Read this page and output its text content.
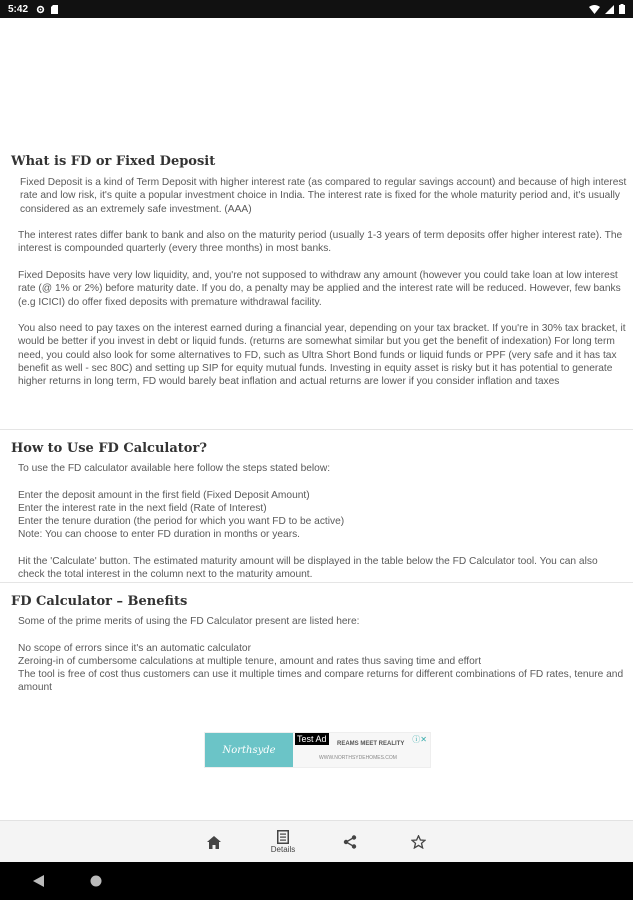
5:42
What is FD or Fixed Deposit

Fixed Deposit is a kind of Term Deposit with higher interest rate (as compared to regular savings account) and because of high interest rate and low risk, it's quite a popular investment choice in India. The interest rate is fixed for the whole maturity period and, it's usually considered as an extremely safe investment. (AAA)

The interest rates differ bank to bank and also on the maturity period (usually 1-3 years of term deposits offer higher interest rate). The interest is compounded quarterly (every three months) in most banks.

Fixed Deposits have very low liquidity, and, you're not supposed to withdraw any amount (however you could take loan at low interest rate (@ 1% or 2%) before maturity date. If you do, a penalty may be applied and the interest rate will be reduced. However, few banks (e.g ICICI) do offer fixed deposits with premature withdrawal facility.

You also need to pay taxes on the interest earned during a financial year, depending on your tax bracket. If you're in 30% tax bracket, it would be better if you invest in debt or liquid funds. (returns are somewhat similar but you get the benefit of indexation) For long term need, you could also look for some alternatives to FD, such as Ultra Short Bond funds or liquid funds or PPF (very safe and it has tax benefit as well - sec 80C) and setting up SIP for equity mutual funds. Investing in equity asset is risky but it has potential to generate higher returns in long term, FD would barely beat inflation and actual returns are lower if you consider inflation and taxes

How to Use FD Calculator?

To use the FD calculator available here follow the steps stated below:

Enter the deposit amount in the first field (Fixed Deposit Amount)

Enter the interest rate in the next field (Rate of Interest)

Enter the tenure duration (the period for which you want FD to be active)

Note: You can choose to enter FD duration in months or years.

Hit the 'Calculate' button. The estimated maturity amount will be displayed in the table below the FD Calculator tool. You can also check the total interest in the column next to the maturity amount.

FD Calculator – Benefits

Some of the prime merits of using the FD Calculator present are listed here:

No scope of errors since it's an automatic calculator

Zeroing-in of cumbersome calculations at multiple tenure, amount and rates thus saving time and effort

The tool is free of cost thus customers can use it multiple times and compare returns for different combinations of FD rates, tenure and amount

Northsyde
Test Ad	REAMS MEET REALITY
WWW.NORTHSYDEHOMES.COM
ⓘ✕
Details
